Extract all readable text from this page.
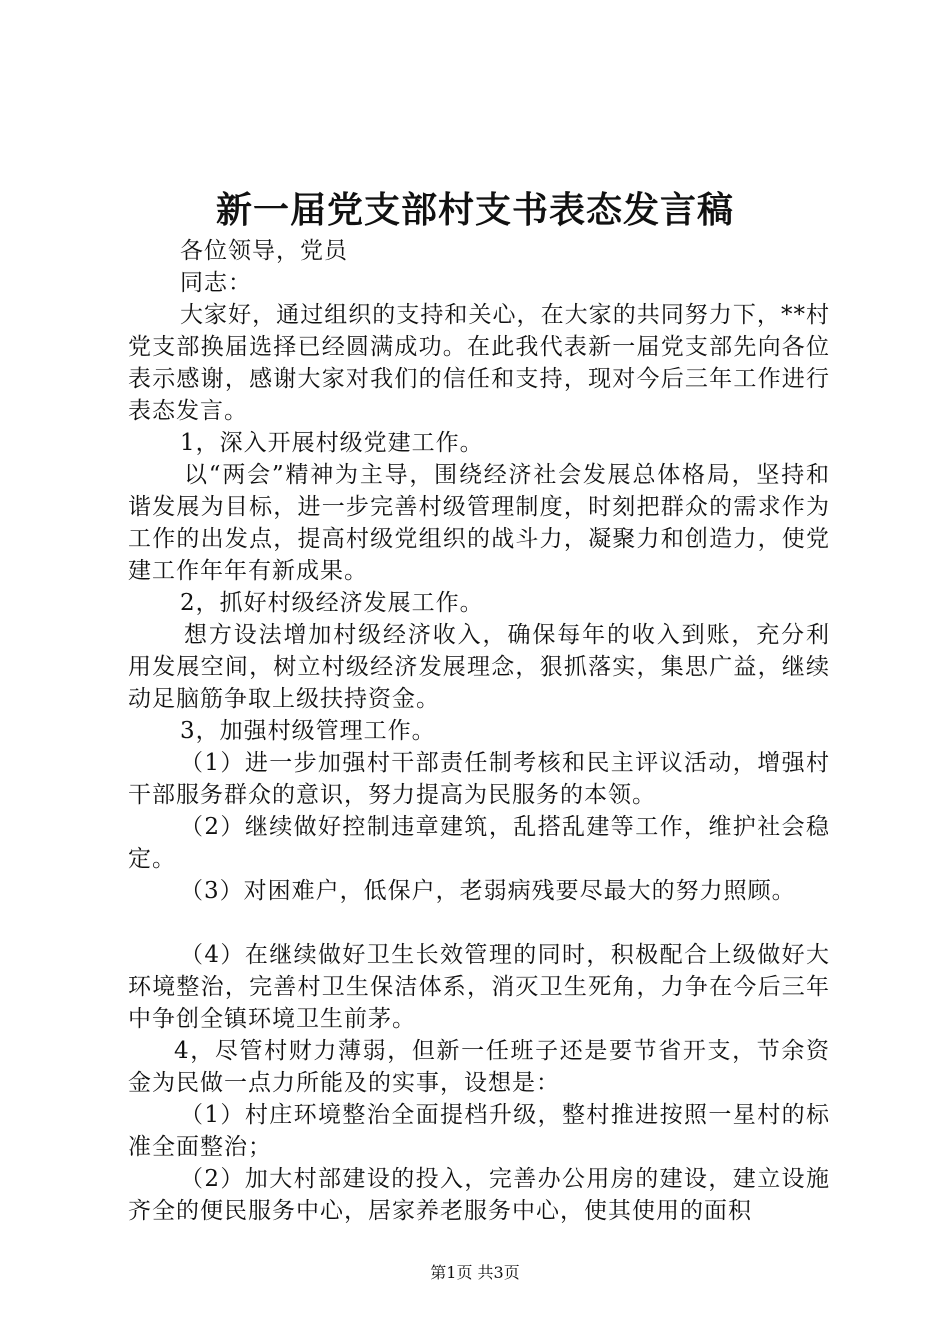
新一届党支部村支书表态发言稿

各位领导，党员

同志：

大家好，通过组织的支持和关心，在大家的共同努力下，**村党支部换届选择已经圆满成功。在此我代表新一届党支部先向各位表示感谢，感谢大家对我们的信任和支持，现对今后三年工作进行表态发言。

1，深入开展村级党建工作。

以“两会”精神为主导，围绕经济社会发展总体格局，坚持和谐发展为目标，进一步完善村级管理制度，时刻把群众的需求作为工作的出发点，提高村级党组织的战斗力，凝聚力和创造力，使党建工作年年有新成果。

2，抓好村级经济发展工作。

想方设法增加村级经济收入，确保每年的收入到账，充分利用发展空间，树立村级经济发展理念，狠抓落实，集思广益，继续动足脑筋争取上级扶持资金。

3，加强村级管理工作。

（1）进一步加强村干部责任制考核和民主评议活动，增强村干部服务群众的意识，努力提高为民服务的本领。

（2）继续做好控制违章建筑，乱搭乱建等工作，维护社会稳定。

（3）对困难户，低保户，老弱病残要尽最大的努力照顾。

（4）在继续做好卫生长效管理的同时，积极配合上级做好大环境整治，完善村卫生保洁体系，消灭卫生死角，力争在今后三年中争创全镇环境卫生前茅。

4，尽管村财力薄弱，但新一任班子还是要节省开支，节余资金为民做一点力所能及的实事，设想是：

（1）村庄环境整治全面提档升级，整村推进按照一星村的标准全面整治；

（2）加大村部建设的投入，完善办公用房的建设，建立设施齐全的便民服务中心，居家养老服务中心，使其使用的面积

第1页 共3页
